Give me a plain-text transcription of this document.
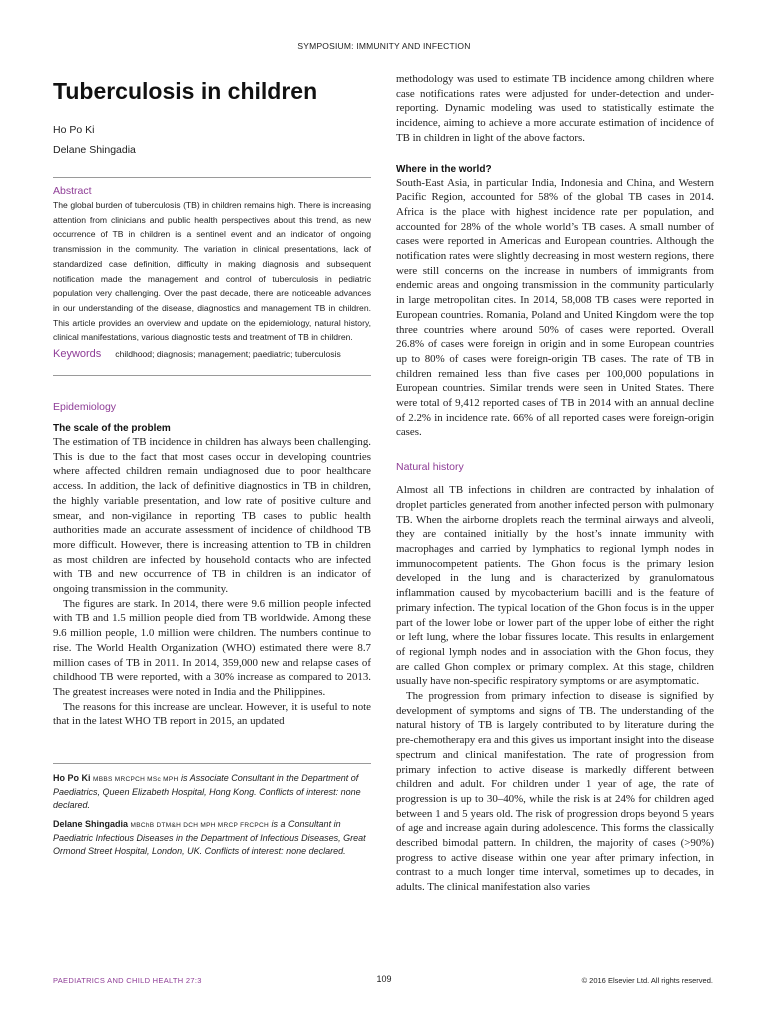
SYMPOSIUM: IMMUNITY AND INFECTION
Tuberculosis in children
Ho Po Ki
Delane Shingadia
Abstract

The global burden of tuberculosis (TB) in children remains high. There is increasing attention from clinicians and public health perspectives about this trend, as new occurrence of TB in children is a sentinel event and an indicator of ongoing transmission in the community. The variation in clinical presentations, lack of standardized case definition, difficulty in making diagnosis and subsequent notification made the management and control of tuberculosis in pediatric population very challenging. Over the past decade, there are noticeable advances in our understanding of the disease, diagnostics and management TB in children. This article provides an overview and update on the epidemiology, natural history, clinical manifestations, various diagnostic tests and treatment of TB in children.

Keywords childhood; diagnosis; management; paediatric; tuberculosis
Epidemiology
The scale of the problem

The estimation of TB incidence in children has always been challenging. This is due to the fact that most cases occur in developing countries where affected children remain undiagnosed due to poor healthcare access. In addition, the lack of definitive diagnostics in TB in children, the highly variable presentation, and low rate of positive culture and smear, and non-vigilance in reporting TB cases to public health authorities made an accurate assessment of incidence of childhood TB more difficult. However, there is increasing attention to TB in children as most children are infected by household contacts who are infected with TB and new occurrence of TB in children is an indicator of ongoing transmission in the community.

The figures are stark. In 2014, there were 9.6 million people infected with TB and 1.5 million people died from TB worldwide. Among these 9.6 million people, 1.0 million were children. The numbers continue to rise. The World Health Organization (WHO) estimated there were 8.7 million cases of TB in 2011. In 2014, 359,000 new and relapse cases of childhood TB were reported, with a 30% increase as compared to 2013. The greatest increases were noted in India and the Philippines.

The reasons for this increase are unclear. However, it is useful to note that in the latest WHO TB report in 2015, an updated

Ho Po Ki MBBS MRCPCH MSc MPH is Associate Consultant in the Department of Paediatrics, Queen Elizabeth Hospital, Hong Kong. Conflicts of interest: none declared.

Delane Shingadia MBChB DTM&H DCH MPH MRCP FRCPCH is a Consultant in Paediatric Infectious Diseases in the Department of Infectious Diseases, Great Ormond Street Hospital, London, UK. Conflicts of interest: none declared.

methodology was used to estimate TB incidence among children where case notifications rates were adjusted for under-detection and under-reporting. Dynamic modeling was used to statistically estimate the incidence, aiming to achieve a more accurate estimation of incidence of TB in children in light of the above factors.

Where in the world?

South-East Asia, in particular India, Indonesia and China, and Western Pacific Region, accounted for 58% of the global TB cases in 2014. Africa is the place with highest incidence rate per population, and accounted for 28% of the whole world’s TB cases. A small number of cases were reported in Americas and European countries. Although the notification rates were slightly decreasing in most western regions, there were still concerns on the increase in numbers of immigrants from endemic areas and ongoing transmission in the community particularly in large metropolitan cites. In 2014, 58,008 TB cases were reported in European countries. Romania, Poland and United Kingdom were the top three countries where around 50% of cases were reported. Overall 26.8% of cases were foreign in origin and in some European countries up to 80% of cases were foreign-origin TB cases. The rate of TB in children remained less than five cases per 100,000 populations in European countries. Similar trends were seen in United States. There were total of 9,412 reported cases of TB in 2014 with an annual decline of 2.2% in incidence rate. 66% of all reported cases were foreign-origin cases.

Natural history

Almost all TB infections in children are contracted by inhalation of droplet particles generated from another infected person with pulmonary TB. When the airborne droplets reach the terminal airways and alveoli, they are contained initially by the host’s innate immunity with macrophages and carried by lymphatics to regional lymph nodes in immunocompetent patients. The Ghon focus is the primary lesion developed in the lung and is characterized by granulomatous inflammation caused by mycobacterium bacilli and is the feature of primary infection. The typical location of the Ghon focus is in the upper part of the lower lobe or lower part of the upper lobe of either the right or left lung, where the lobar fissures locate. This results in enlargement of regional lymph nodes and in association with the Ghon focus, they are called Ghon complex or primary complex. At this stage, children usually have non-specific respiratory symptoms or are asymptomatic.

The progression from primary infection to disease is signified by development of symptoms and signs of TB. The understanding of the natural history of TB is largely contributed to by literature during the pre-chemotherapy era and this gives us important insight into the disease spectrum and clinical manifestation. The rate of progression from primary infection to active disease is markedly different between children and adult. For children under 1 year of age, the rate of progression is up to 30–40%, while the risk is at 24% for children aged between 1 and 5 years old. The risk of progression drops beyond 5 years of age and increase again during adolescence. This forms the classically described bimodal pattern. In children, the majority of cases (>90%) progress to active disease within one year after primary infection, in contrast to a much longer time interval, sometimes up to decades, in adults. The clinical manifestation also varies

PAEDIATRICS AND CHILD HEALTH 27:3	109	© 2016 Elsevier Ltd. All rights reserved.
